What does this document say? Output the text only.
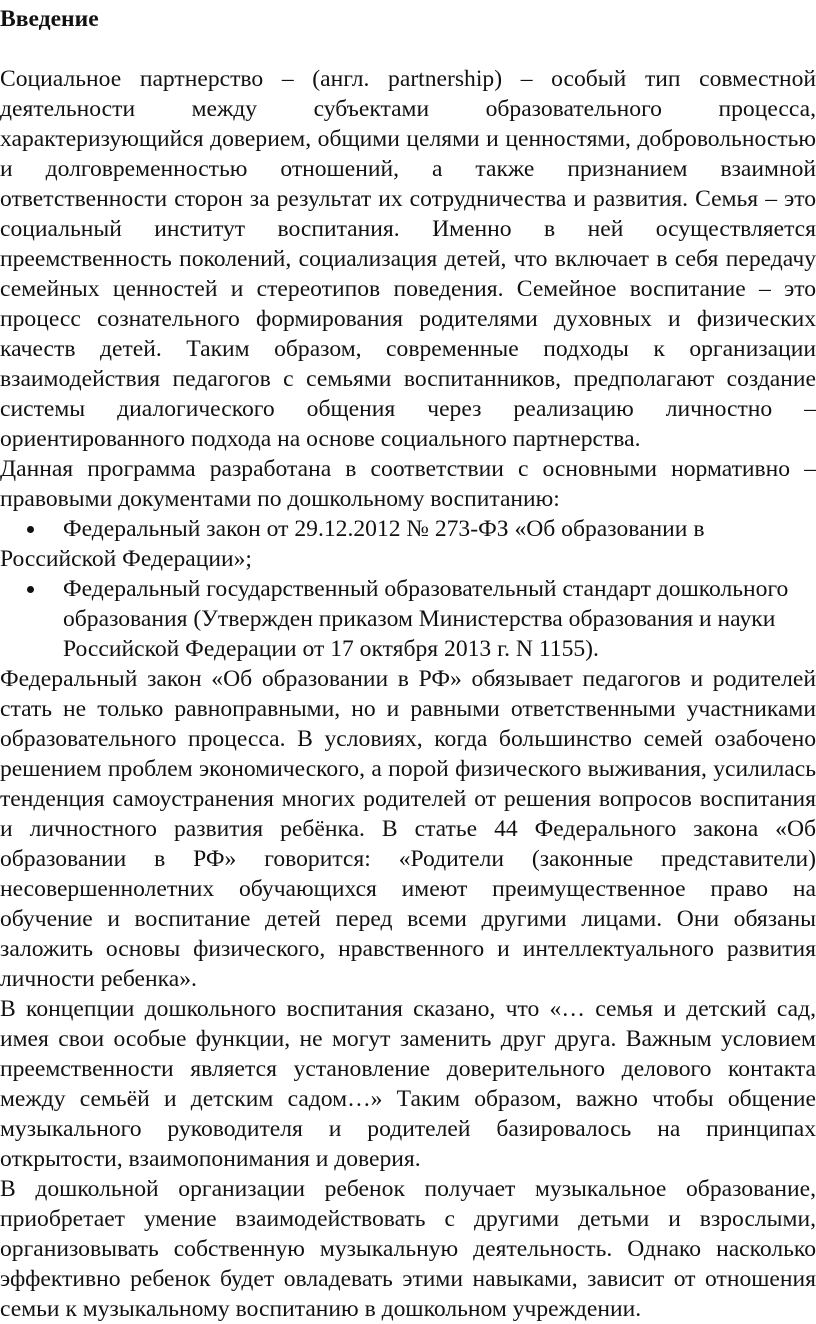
Введение

Социальное партнерство – (англ. partnership) – особый тип совместной деятельности между субъектами образовательного процесса, характеризующийся доверием, общими целями и ценностями, добровольностью и долговременностью отношений, а также признанием взаимной ответственности сторон за результат их сотрудничества и развития. Семья – это социальный институт воспитания. Именно в ней осуществляется преемственность поколений, социализация детей, что включает в себя передачу семейных ценностей и стереотипов поведения. Семейное воспитание – это процесс сознательного формирования родителями духовных и физических качеств детей. Таким образом, современные подходы к организации взаимодействия педагогов с семьями воспитанников, предполагают создание системы диалогического общения через реализацию личностно – ориентированного подхода на основе социального партнерства.

Данная программа разработана в соответствии с основными нормативно – правовыми документами по дошкольному воспитанию:

Федеральный закон от 29.12.2012 № 273-ФЗ «Об образовании в
Российской Федерации»;
Федеральный государственный образовательный стандарт дошкольного образования (Утвержден приказом Министерства образования и науки Российской Федерации от 17 октября 2013 г. N 1155).

Федеральный закон «Об образовании в РФ» обязывает педагогов и родителей стать не только равноправными, но и равными ответственными участниками образовательного процесса. В условиях, когда большинство семей озабочено решением проблем экономического, а порой физического выживания, усилилась тенденция самоустранения многих родителей от решения вопросов воспитания и личностного развития ребёнка. В статье 44 Федерального закона «Об образовании в РФ» говорится: «Родители (законные представители) несовершеннолетних обучающихся имеют преимущественное право на обучение и воспитание детей перед всеми другими лицами. Они обязаны заложить основы физического, нравственного и интеллектуального развития личности ребенка».

В концепции дошкольного воспитания сказано, что «… семья и детский сад, имея свои особые функции, не могут заменить друг друга. Важным условием преемственности является установление доверительного делового контакта между семьёй и детским садом…» Таким образом, важно чтобы общение музыкального руководителя и родителей базировалось на принципах открытости, взаимопонимания и доверия.

В дошкольной организации ребенок получает музыкальное образование, приобретает умение взаимодействовать с другими детьми и взрослыми, организовывать собственную музыкальную деятельность. Однако насколько эффективно ребенок будет овладевать этими навыками, зависит от отношения семьи к музыкальному воспитанию в дошкольном учреждении.
